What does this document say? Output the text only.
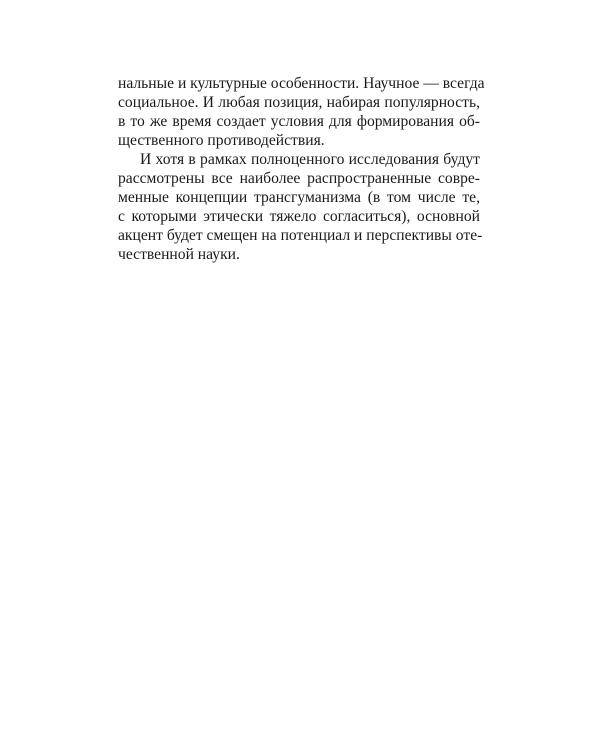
нальные и культурные особенности. Научное — всегда
социальное. И любая позиция, набирая популярность,
в то же время создает условия для формирования об-
щественного противодействия.
И хотя в рамках полноценного исследования будут
рассмотрены все наиболее распространенные совре-
менные концепции трансгуманизма (в том числе те,
с которыми этически тяжело согласиться), основной
акцент будет смещен на потенциал и перспективы оте-
чественной науки.
